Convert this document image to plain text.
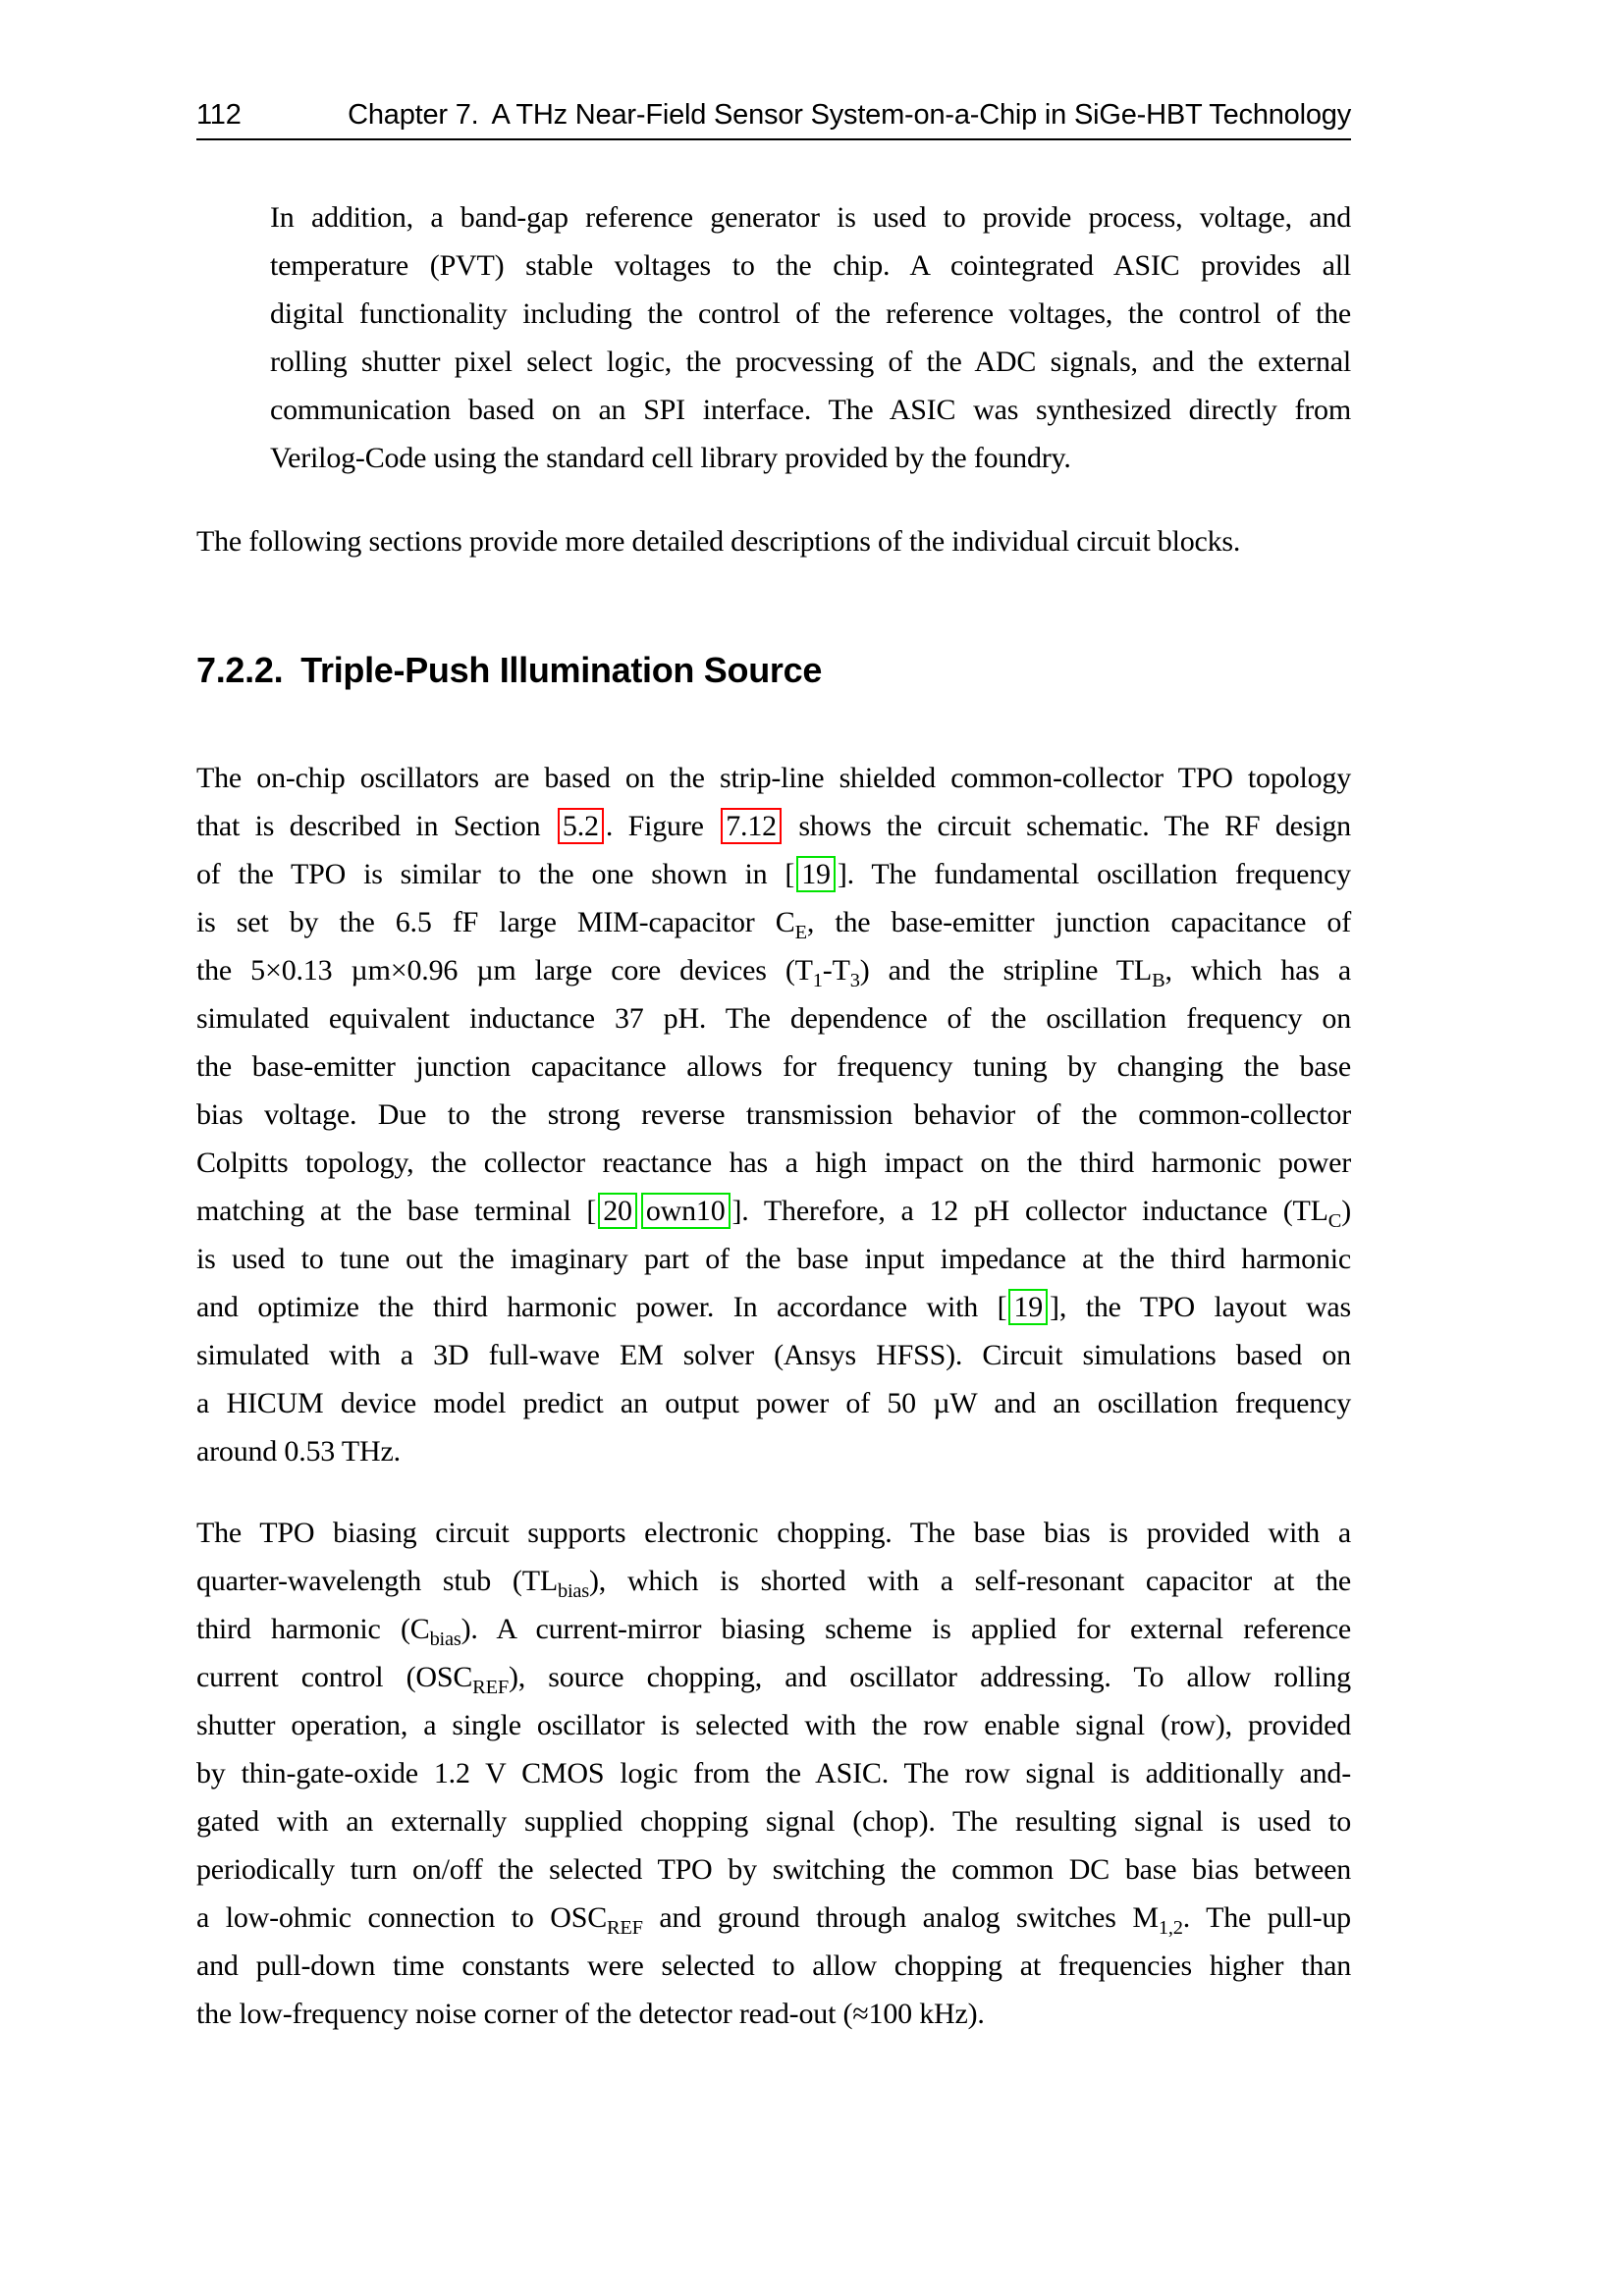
112	Chapter 7. A THz Near-Field Sensor System-on-a-Chip in SiGe-HBT Technology
In addition, a band-gap reference generator is used to provide process, voltage, and
temperature (PVT) stable voltages to the chip. A cointegrated ASIC provides all
digital functionality including the control of the reference voltages, the control of the
rolling shutter pixel select logic, the procvessing of the ADC signals, and the external
communication based on an SPI interface. The ASIC was synthesized directly from
Verilog-Code using the standard cell library provided by the foundry.
The following sections provide more detailed descriptions of the individual circuit blocks.
7.2.2. Triple-Push Illumination Source
The on-chip oscillators are based on the strip-line shielded common-collector TPO topology
that is described in Section 5.2 . Figure 7.12 shows the circuit schematic. The RF design
of the TPO is similar to the one shown in [ 19 ]. The fundamental oscillation frequency
is set by the 6.5 fF large MIM-capacitor $C_E$, the base-emitter junction capacitance of
the 5×0.13 µm×0.96 µm large core devices $(T_1-T_3)$ and the stripline $TL_B$, which has a
simulated equivalent inductance 37 pH. The dependence of the oscillation frequency on
the base-emitter junction capacitance allows for frequency tuning by changing the base
bias voltage. Due to the strong reverse transmission behavior of the common-collector
Colpitts topology, the collector reactance has a high impact on the third harmonic power
matching at the base terminal [ 20 own10 ]. Therefore, a 12 pH collector inductance $(TL_C)$
is used to tune out the imaginary part of the base input impedance at the third harmonic
and optimize the third harmonic power. In accordance with [ 19 ], the TPO layout was
simulated with a 3D full-wave EM solver (Ansys HFSS). Circuit simulations based on
a HICUM device model predict an output power of 50 µW and an oscillation frequency
around 0.53 THz.
The TPO biasing circuit supports electronic chopping. The base bias is provided with a
quarter-wavelength stub $(TL_{bias})$, which is shorted with a self-resonant capacitor at the
third harmonic $(C_{bias})$. A current-mirror biasing scheme is applied for external reference
current control $(OSC_{REF})$, source chopping, and oscillator addressing. To allow rolling
shutter operation, a single oscillator is selected with the row enable signal (row), provided
by thin-gate-oxide 1.2 V CMOS logic from the ASIC. The row signal is additionally and-
gated with an externally supplied chopping signal (chop). The resulting signal is used to
periodically turn on/off the selected TPO by switching the common DC base bias between
a low-ohmic connection to $OSC_{REF}$ and ground through analog switches $M_{1,2}$. The pull-up
and pull-down time constants were selected to allow chopping at frequencies higher than
the low-frequency noise corner of the detector read-out (≈100 kHz).
